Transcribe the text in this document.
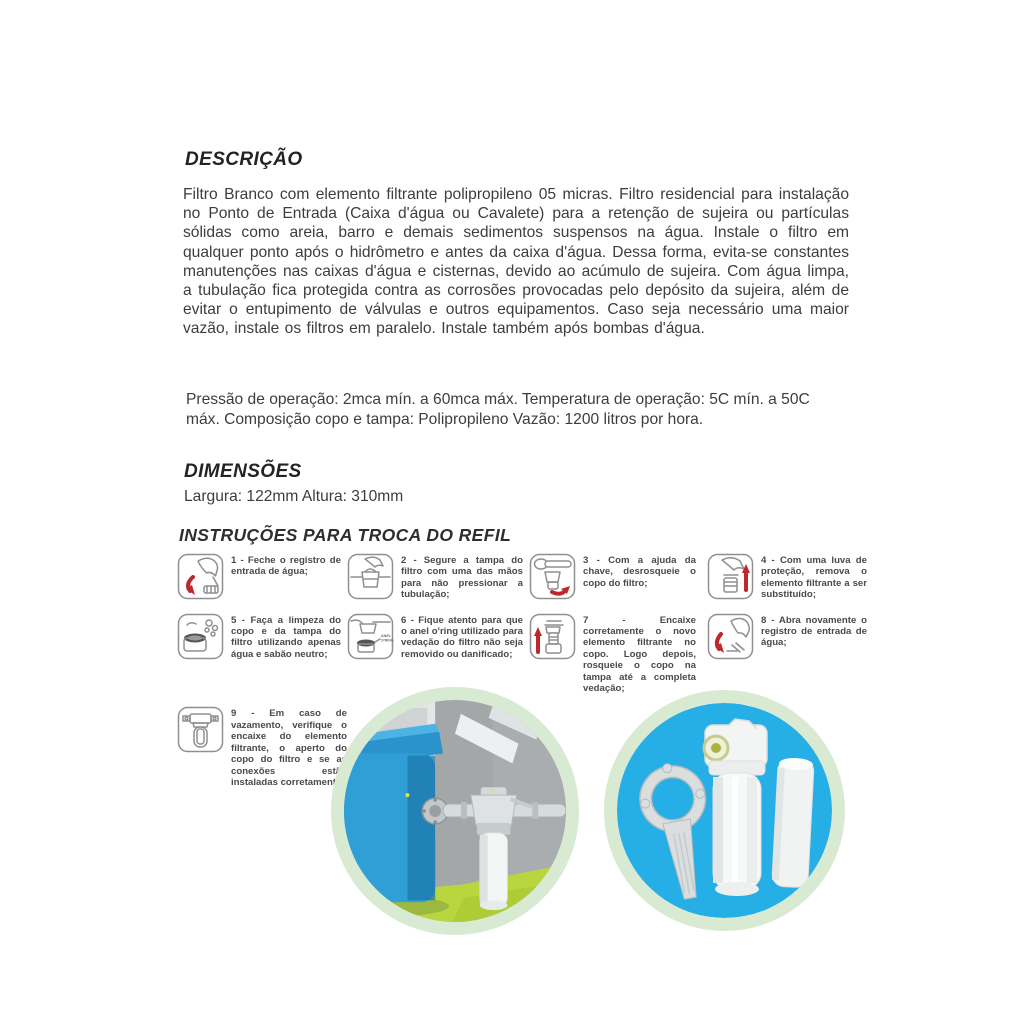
DESCRIÇÃO

Filtro Branco com elemento filtrante polipropileno 05 micras. Filtro residencial para instalação no Ponto de Entrada (Caixa d'água ou Cavalete) para a retenção de sujeira ou partículas sólidas como areia, barro e demais sedimentos suspensos na água. Instale o filtro em qualquer ponto após o hidrômetro e antes da caixa d'água. Dessa forma, evita-se constantes manutenções nas caixas d'água e cisternas, devido ao acúmulo de sujeira. Com água limpa, a tubulação fica protegida contra as corrosões provocadas pelo depósito da sujeira, além de evitar o entupimento de válvulas e outros equipamentos. Caso seja necessário uma maior vazão, instale os filtros em paralelo. Instale também após bombas d'água.

Pressão de operação: 2mca mín. a 60mca máx. Temperatura de operação: 5C mín. a 50C máx. Composição copo e tampa: Polipropileno Vazão: 1200 litros por hora.

DIMENSÕES

Largura: 122mm Altura: 310mm

INSTRUÇÕES PARA TROCA DO REFIL
1 - Feche o registro de entrada de água;
2 - Segure a tampa do filtro com uma das mãos para não pressionar a tubulação;
3 - Com a ajuda da chave, desrosqueie o copo do filtro;
4 - Com uma luva de proteção, remova o elemento filtrante a ser substituído;
5 - Faça a limpeza do copo e da tampa do filtro utilizando apenas água e sabão neutro;
ANEL
O'RING
6 - Fique atento para que o anel o'ring utilizado para vedação do filtro não seja removido ou danificado;
7 - Encaixe corretamente o novo elemento filtrante no copo. Logo depois, rosqueie o copo na tampa até a completa vedação;
8 - Abra novamente o registro de entrada de água;
9 - Em caso de vazamento, verifique o encaixe do elemento filtrante, o aperto do copo do filtro e se as conexões estão instaladas corretamente.
